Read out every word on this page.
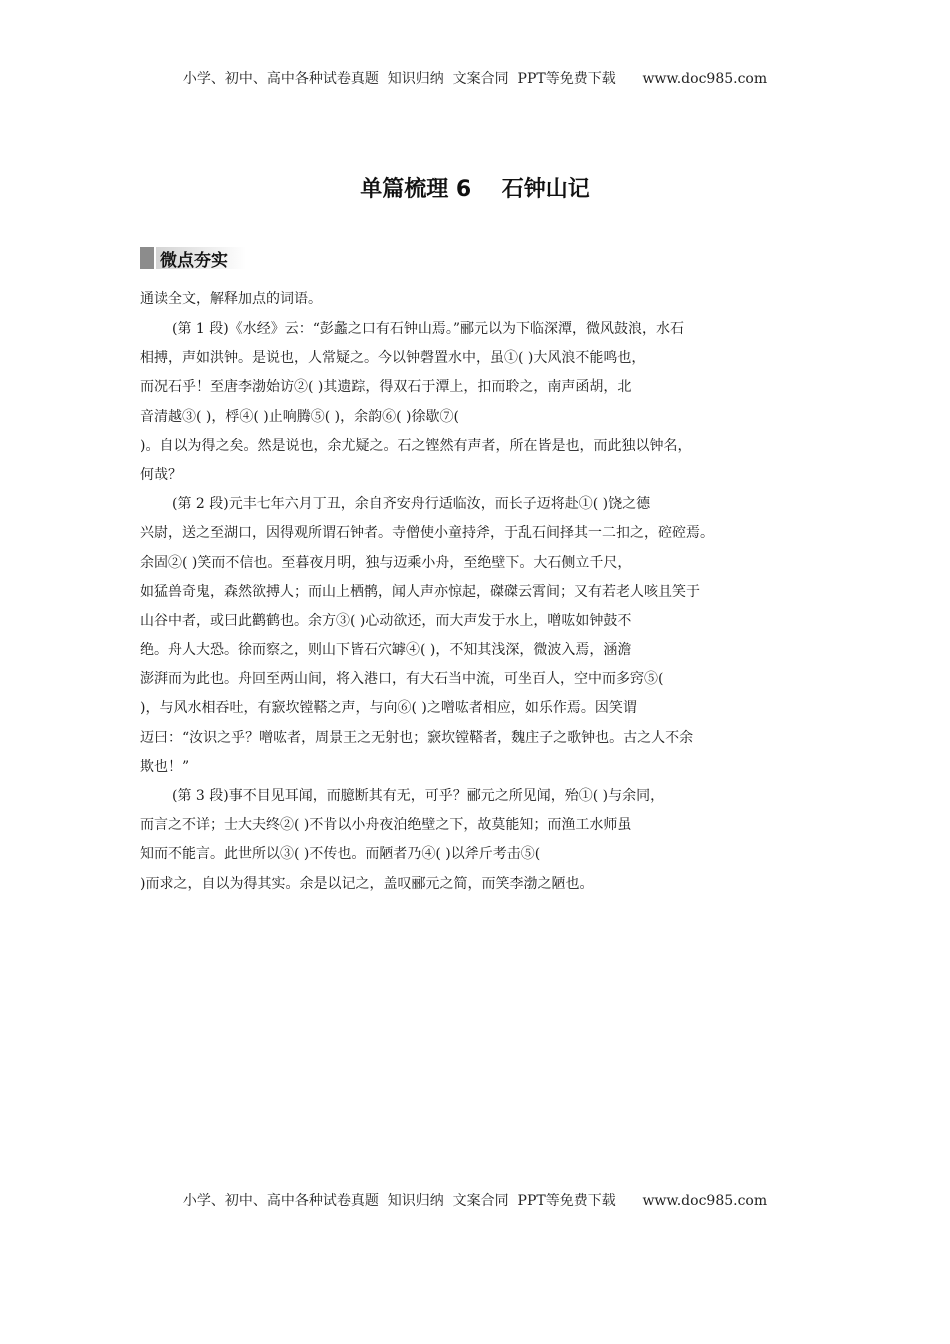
小学、初中、高中各种试卷真题  知识归纳  文案合同  PPT等免费下载      www.doc985.com
单篇梳理 6    石钟山记
微点夯实
通读全文，解释加点的词语。
(第 1 段)《水经》云：“彭蠡之口有石钟山焉。”郦元以为下临深潭，微风鼓浪，水石
相搏，声如洪钟。是说也，人常疑之。今以钟磬置水中，虽①( )大风浪不能鸣也，
而况石乎！至唐李渤始访②( )其遗踪，得双石于潭上，扣而聆之，南声函胡，北
音清越③( )，桴④( )止响腾⑤( )，余韵⑥( )徐歇⑦(
)。自以为得之矣。然是说也，余尤疑之。石之铿然有声者，所在皆是也，而此独以钟名，
何哉？
(第 2 段)元丰七年六月丁丑，余自齐安舟行适临汝，而长子迈将赴①( )饶之德
兴尉，送之至湖口，因得观所谓石钟者。寺僧使小童持斧，于乱石间择其一二扣之，硿硿焉。
余固②( )笑而不信也。至暮夜月明，独与迈乘小舟，至绝壁下。大石侧立千尺，
如猛兽奇鬼，森然欲搏人；而山上栖鹘，闻人声亦惊起，磔磔云霄间；又有若老人咳且笑于
山谷中者，或曰此鹳鹤也。余方③( )心动欲还，而大声发于水上，噌吰如钟鼓不
绝。舟人大恐。徐而察之，则山下皆石穴罅④( )，不知其浅深，微波入焉，涵澹
澎湃而为此也。舟回至两山间，将入港口，有大石当中流，可坐百人，空中而多窍⑤(
)，与风水相吞吐，有窾坎镗鞳之声，与向⑥( )之噌吰者相应，如乐作焉。因笑谓
迈曰：“汝识之乎？噌吰者，周景王之无射也；窾坎镗鞳者，魏庄子之歌钟也。古之人不余
欺也！”
(第 3 段)事不目见耳闻，而臆断其有无，可乎？郦元之所见闻，殆①( )与余同，
而言之不详；士大夫终②( )不肯以小舟夜泊绝壁之下，故莫能知；而渔工水师虽
知而不能言。此世所以③( )不传也。而陋者乃④( )以斧斤考击⑤(
)而求之，自以为得其实。余是以记之，盖叹郦元之简，而笑李渤之陋也。
小学、初中、高中各种试卷真题  知识归纳  文案合同  PPT等免费下载      www.doc985.com
